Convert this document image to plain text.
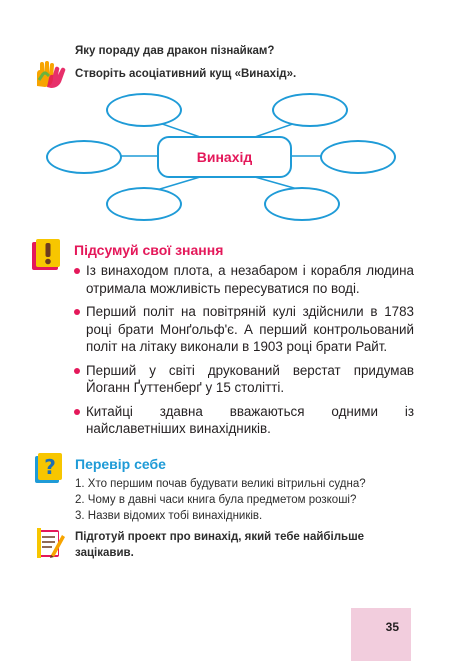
Яку пораду дав дракон пізнайкам?
Створіть асоціативний кущ «Винахід».
Винахід
Підсумуй свої знання
Із винаходом плота, а незабаром і корабля людина отримала можливість пересуватися по воді.
Перший політ на повітряній кулі здійснили в 1783 році брати Монґольф'є. А перший контрольований політ на літаку виконали в 1903 році брати Райт.
Перший у світі друкований верстат придумав Йоганн Ґуттенберґ у 15 столітті.
Китайці здавна вважаються одними із найславетніших винахідників.
? Перевір себе
1. Хто першим почав будувати великі вітрильні судна?
2. Чому в давні часи книга була предметом розкоші?
3. Назви відомих тобі винахідників.
Підготуй проект про винахід, який тебе найбільше зацікавив.
35
